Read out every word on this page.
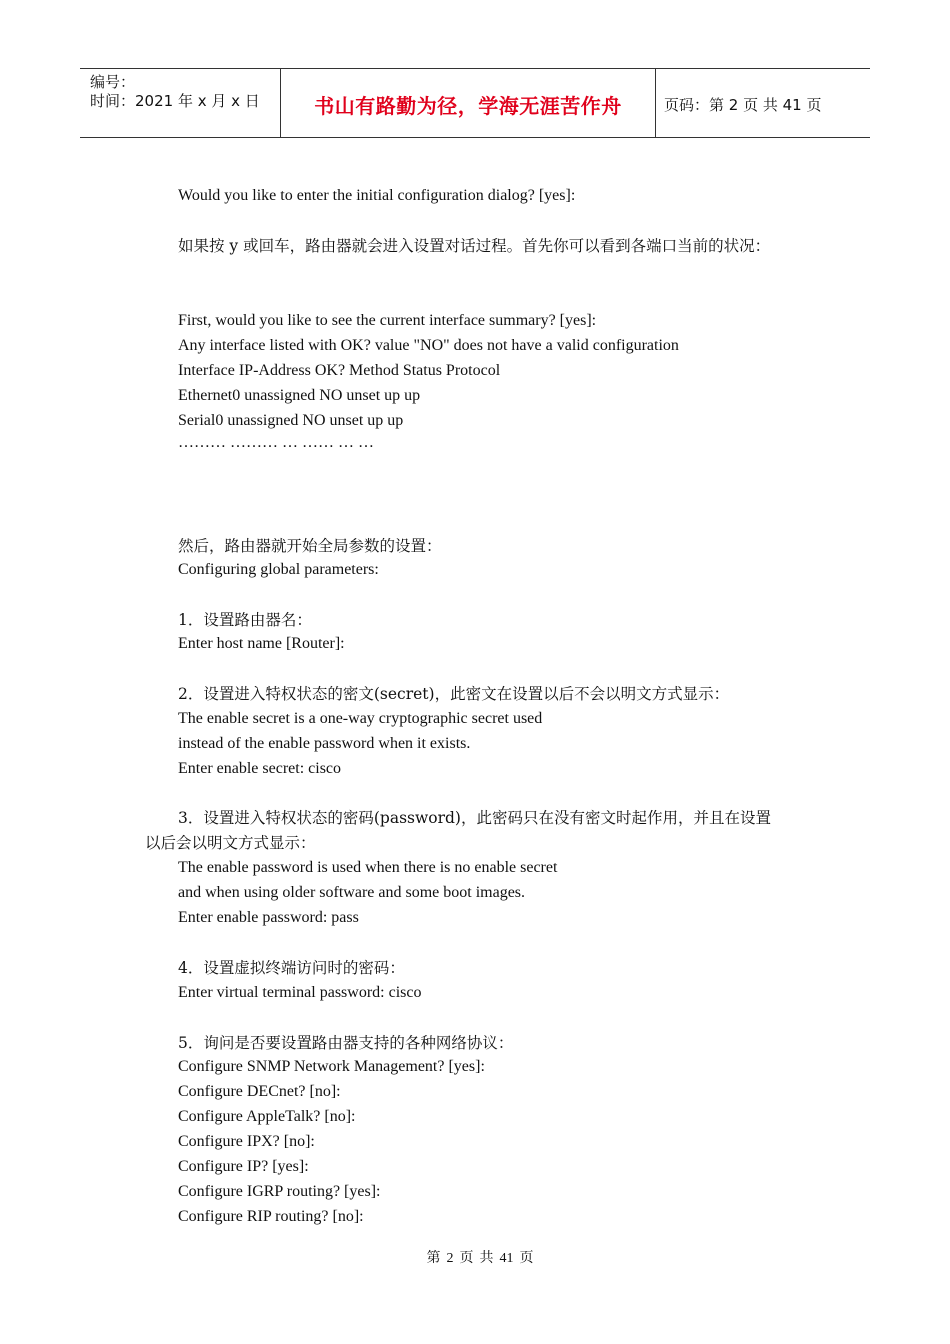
编号：
时间：2021 年 x 月 x 日	书山有路勤为径，学海无涯苦作舟	页码：第 2 页 共 41 页
Would you like to enter the initial configuration dialog? [yes]:
如果按 y 或回车，路由器就会进入设置对话过程。首先你可以看到各端口当前的状况：
First, would you like to see the current interface summary? [yes]:
Any interface listed with OK? value "NO" does not have a valid configuration
Interface IP-Address OK? Method Status Protocol
Ethernet0 unassigned NO unset up up
Serial0 unassigned NO unset up up
……… ……… … …… … …
然后，路由器就开始全局参数的设置：
Configuring global parameters:
1．设置路由器名：
Enter host name [Router]:
2．设置进入特权状态的密文(secret)，此密文在设置以后不会以明文方式显示：
The enable secret is a one-way cryptographic secret used
instead of the enable password when it exists.
Enter enable secret: cisco
3．设置进入特权状态的密码(password)，此密码只在没有密文时起作用，并且在设置
以后会以明文方式显示：
The enable password is used when there is no enable secret
and when using older software and some boot images.
Enter enable password: pass
4．设置虚拟终端访问时的密码：
Enter virtual terminal password: cisco
5．询问是否要设置路由器支持的各种网络协议：
Configure SNMP Network Management? [yes]:
Configure DECnet? [no]:
Configure AppleTalk? [no]:
Configure IPX? [no]:
Configure IP? [yes]:
Configure IGRP routing? [yes]:
Configure RIP routing? [no]:
第 2 页 共 41 页
